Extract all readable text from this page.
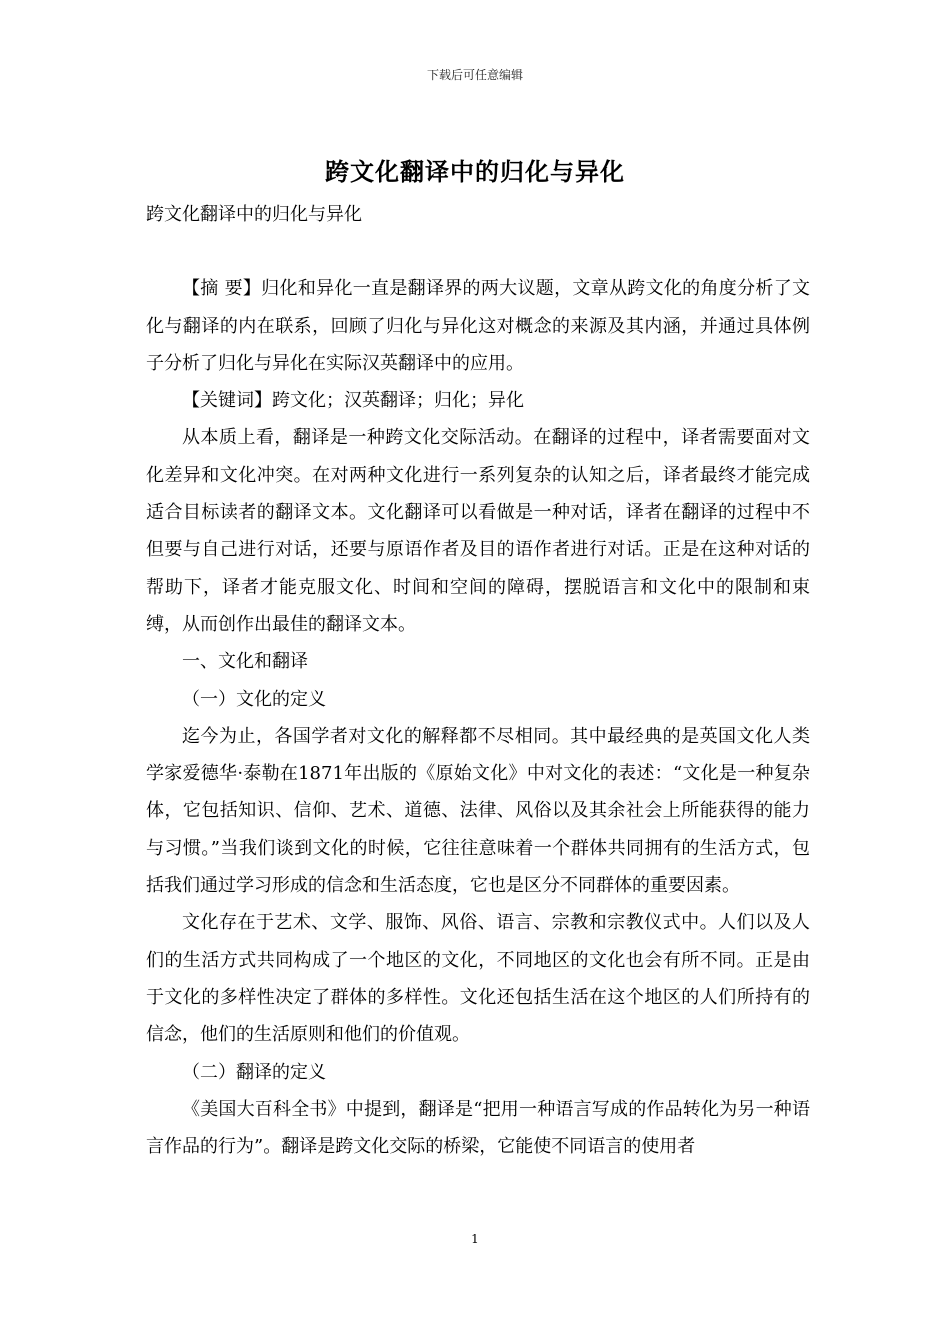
下载后可任意编辑
跨文化翻译中的归化与异化

跨文化翻译中的归化与异化

【摘 要】归化和异化一直是翻译界的两大议题，文章从跨文化的角度分析了文化与翻译的内在联系，回顾了归化与异化这对概念的来源及其内涵，并通过具体例子分析了归化与异化在实际汉英翻译中的应用。

【关键词】跨文化；汉英翻译；归化；异化

从本质上看，翻译是一种跨文化交际活动。在翻译的过程中，译者需要面对文化差异和文化冲突。在对两种文化进行一系列复杂的认知之后，译者最终才能完成适合目标读者的翻译文本。文化翻译可以看做是一种对话，译者在翻译的过程中不但要与自己进行对话，还要与原语作者及目的语作者进行对话。正是在这种对话的帮助下，译者才能克服文化、时间和空间的障碍，摆脱语言和文化中的限制和束缚，从而创作出最佳的翻译文本。

一、文化和翻译

（一）文化的定义

迄今为止，各国学者对文化的解释都不尽相同。其中最经典的是英国文化人类学家爱德华·泰勒在1871年出版的《原始文化》中对文化的表述：“文化是一种复杂体，它包括知识、信仰、艺术、道德、法律、风俗以及其余社会上所能获得的能力与习惯。”当我们谈到文化的时候，它往往意味着一个群体共同拥有的生活方式，包括我们通过学习形成的信念和生活态度，它也是区分不同群体的重要因素。

文化存在于艺术、文学、服饰、风俗、语言、宗教和宗教仪式中。人们以及人们的生活方式共同构成了一个地区的文化，不同地区的文化也会有所不同。正是由于文化的多样性决定了群体的多样性。文化还包括生活在这个地区的人们所持有的信念，他们的生活原则和他们的价值观。

（二）翻译的定义

《美国大百科全书》中提到，翻译是“把用一种语言写成的作品转化为另一种语言作品的行为”。翻译是跨文化交际的桥梁，它能使不同语言的使用者

1
